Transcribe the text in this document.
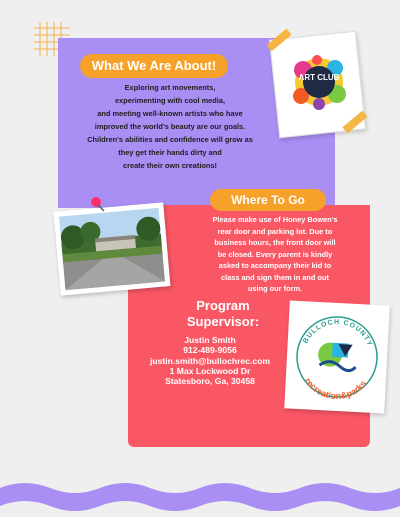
What We Are About!

Exploring art movements,
experimenting with cool media,
and meeting well-known artists who have
improved the world's beauty are our goals.
Children's abilities and confidence will grow as
they get their hands dirty and
create their own creations!

ART CLUB
Where To Go

Please make use of Honey Bowen's
rear door and parking lot. Due to
business hours, the front door will
be closed. Every parent is kindly
asked to accompany their kid to
class and sign them in and out
using our form.

Program
Supervisor:

Justin Smith
912-489-9056
justin.smith@bullochrec.com
1 Max Lockwood Dr
Statesboro, Ga, 30458

BULLOCH COUNTY
recreation&parks
